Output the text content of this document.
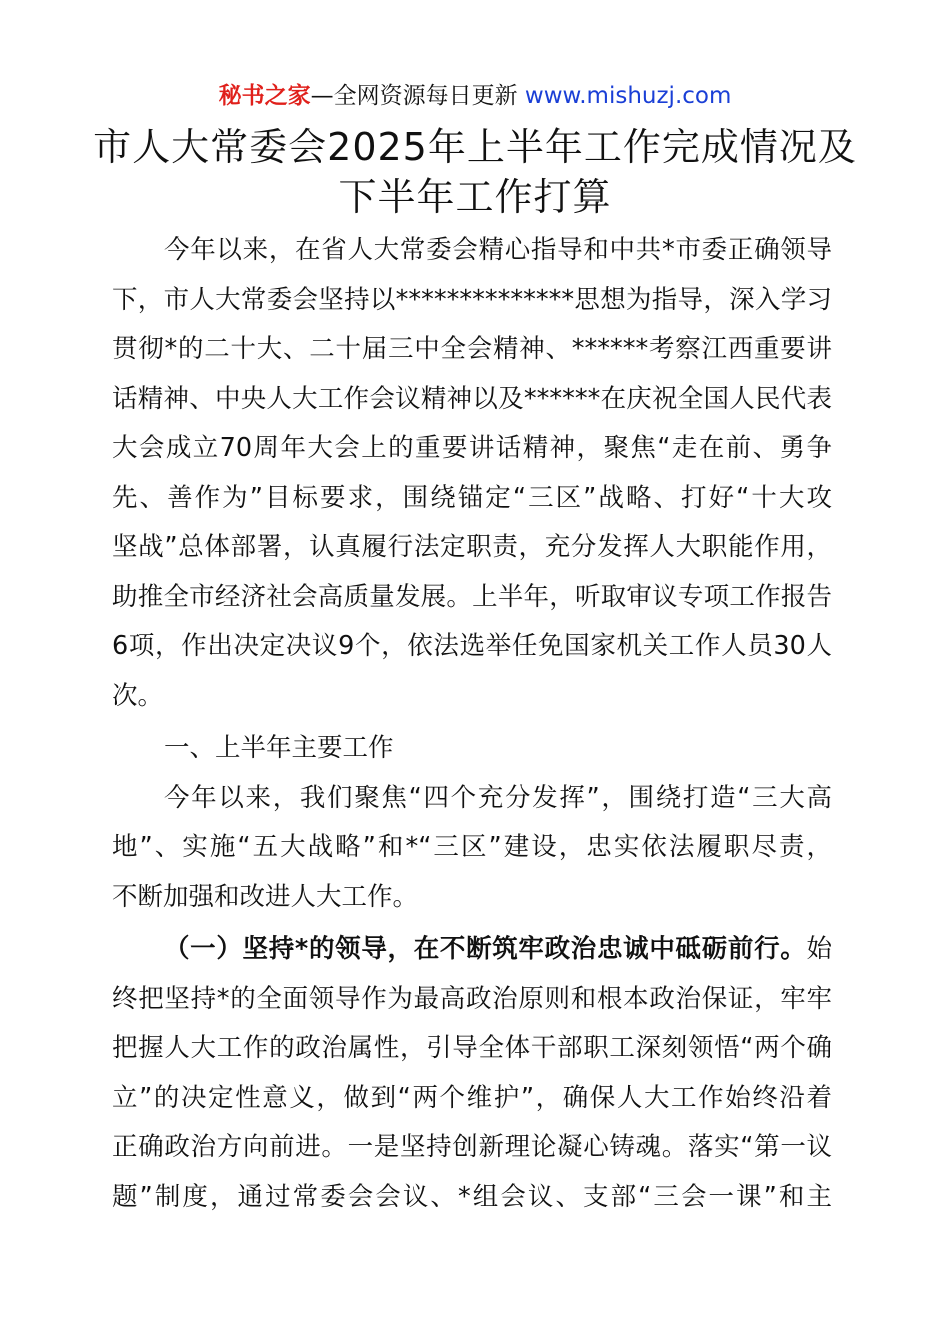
秘书之家—全网资源每日更新 www.mishuzj.com
市人大常委会2025年上半年工作完成情况及
下半年工作打算
今年以来，在省人大常委会精心指导和中共*市委正确领导
下，市人大常委会坚持以**************思想为指导，深入学习
贯彻*的二十大、二十届三中全会精神、******考察江西重要讲
话精神、中央人大工作会议精神以及******在庆祝全国人民代表
大会成立70周年大会上的重要讲话精神，聚焦“走在前、勇争
先、善作为”目标要求，围绕锚定“三区”战略、打好“十大攻
坚战”总体部署，认真履行法定职责，充分发挥人大职能作用，
助推全市经济社会高质量发展。上半年，听取审议专项工作报告
6项，作出决定决议9个，依法选举任免国家机关工作人员30人
次。
一、上半年主要工作
今年以来，我们聚焦“四个充分发挥”，围绕打造“三大高
地”、实施“五大战略”和*“三区”建设，忠实依法履职尽责，
不断加强和改进人大工作。
（一）坚持*的领导，在不断筑牢政治忠诚中砥砺前行。始
终把坚持*的全面领导作为最高政治原则和根本政治保证，牢牢
把握人大工作的政治属性，引导全体干部职工深刻领悟“两个确
立”的决定性意义，做到“两个维护”，确保人大工作始终沿着
正确政治方向前进。一是坚持创新理论凝心铸魂。落实“第一议
题”制度，通过常委会会议、*组会议、支部“三会一课”和主
